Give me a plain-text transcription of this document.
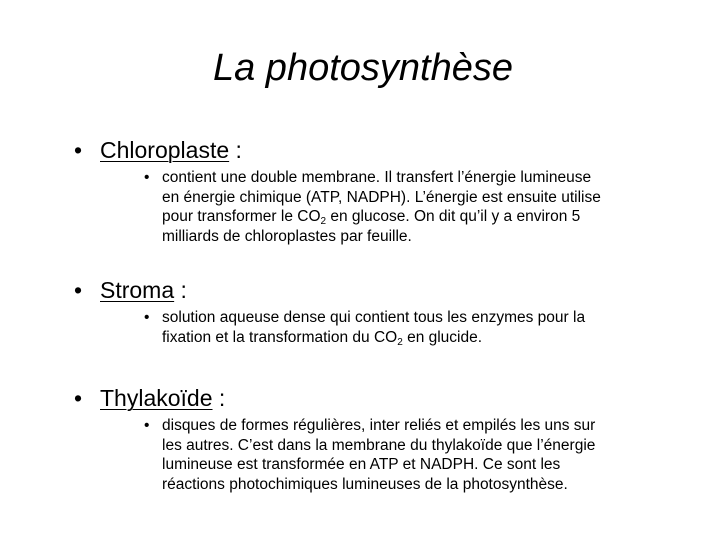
La photosynthèse
• Chloroplaste :
• contient une double membrane. Il transfert l’énergie lumineuse
en énergie chimique (ATP, NADPH). L’énergie est ensuite utilise
pour transformer le $CO_2$ en glucose. On dit qu’il y a environ 5
milliards de chloroplastes par feuille.
• Stroma :
• solution aqueuse dense qui contient tous les enzymes pour la
fixation et la transformation du $CO_2$ en glucide.
• Thylakoïde :
• disques de formes régulières, inter reliés et empilés les uns sur
les autres. C’est dans la membrane du thylakoïde que l’énergie
lumineuse est transformée en ATP et NADPH. Ce sont les
réactions photochimiques lumineuses de la photosynthèse.
